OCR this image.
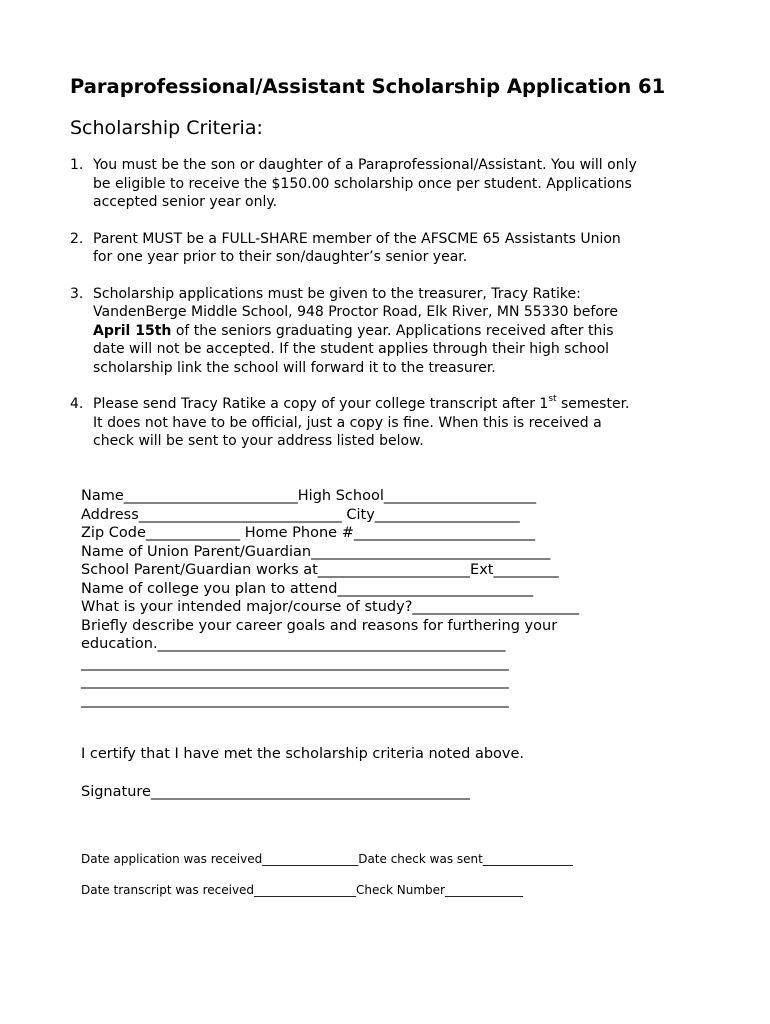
Paraprofessional/Assistant Scholarship Application 61
Scholarship Criteria:
1. You must be the son or daughter of a Paraprofessional/Assistant. You will only
be eligible to receive the $150.00 scholarship once per student. Applications
accepted senior year only.
2. Parent MUST be a FULL-SHARE member of the AFSCME 65 Assistants Union
for one year prior to their son/daughter’s senior year.
3. Scholarship applications must be given to the treasurer, Tracy Ratike:
VandenBerge Middle School, 948 Proctor Road, Elk River, MN 55330 before
April 15th of the seniors graduating year. Applications received after this
date will not be accepted. If the student applies through their high school
scholarship link the school will forward it to the treasurer.
4. Please send Tracy Ratike a copy of your college transcript after 1st semester.
It does not have to be official, just a copy is fine. When this is received a
check will be sent to your address listed below.
Name________________________High School_____________________
Address____________________________ City____________________
Zip Code_____________ Home Phone #_________________________
Name of Union Parent/Guardian_________________________________
School Parent/Guardian works at_____________________Ext_________
Name of college you plan to attend___________________________
What is your intended major/course of study?_______________________
Briefly describe your career goals and reasons for furthering your
education.________________________________________________
___________________________________________________________
___________________________________________________________
___________________________________________________________
I certify that I have met the scholarship criteria noted above.
Signature____________________________________________
Date application was received________________Date check was sent_______________
Date transcript was received_________________Check Number_____________
